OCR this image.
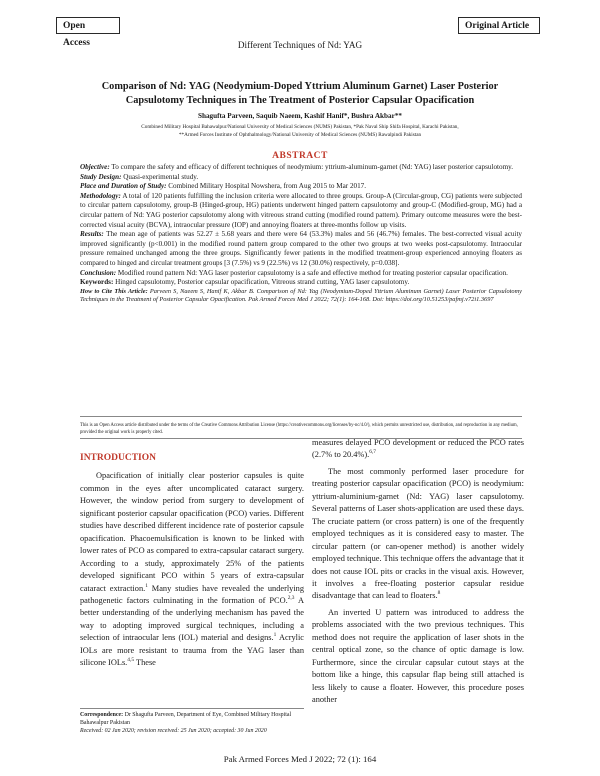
Open Access
Original Article
Different Techniques of Nd: YAG
Comparison of Nd: YAG (Neodymium-Doped Yttrium Aluminum Garnet) Laser Posterior
Capsulotomy Techniques in The Treatment of Posterior Capsular Opacification
Shagufta Parveen, Saquib Naeem, Kashif Hanif*, Bushra Akbar**
Combined Military Hospital Bahawalpur/National University of Medical Sciences (NUMS) Pakistan, *Pak Naval Ship Shifa Hospital, Karachi Pakistan,
**Armed Forces Institute of Ophthalmology/National University of Medical Sciences (NUMS) Rawalpindi Pakistan
ABSTRACT

Objective: To compare the safety and efficacy of different techniques of neodymium: yttrium-aluminum-garnet (Nd: YAG) laser posterior capsulotomy.

Study Design: Quasi-experimental study.

Place and Duration of Study: Combined Military Hospital Nowshera, from Aug 2015 to Mar 2017.

Methodology: A total of 120 patients fulfilling the inclusion criteria were allocated to three groups. Group-A (Circular-group, CG) patients were subjected to circular pattern capsulotomy, group-B (Hinged-group, HG) patients underwent hinged pattern capsulotomy and group-C (Modified-group, MG) had a circular pattern of Nd: YAG posterior capsulotomy along with vitreous strand cutting (modified round pattern). Primary outcome measures were the best-corrected visual acuity (BCVA), intraocular pressure (IOP) and annoying floaters at three-months follow up visits.

Results: The mean age of patients was 52.27 ± 5.68 years and there were 64 (53.3%) males and 56 (46.7%) females. The best-corrected visual acuity improved significantly (p<0.001) in the modified round pattern group compared to the other two groups at two weeks post-capsulotomy. Intraocular pressure remained unchanged among the three groups. Significantly fewer patients in the modified treatment-group experienced annoying floaters as compared to hinged and circular treatment groups [3 (7.5%) vs 9 (22.5%) vs 12 (30.0%) respectively, p=0.038].

Conclusion: Modified round pattern Nd: YAG laser posterior capsulotomy is a safe and effective method for treating posterior capsular opacification.

Keywords: Hinged capsulotomy, Posterior capsular opacification, Vitreous strand cutting, YAG laser capsulotomy.

How to Cite This Article: Parveen S, Naeem S, Hanif K, Akbar B. Comparison of Nd: Yag (Neodymium-Doped Yttrium Aluminum Garnet) Laser Posterior Capsulotomy Techniques in the Treatment of Posterior Capsular Opacification. Pak Armed Forces Med J 2022; 72(1): 164-168. Doi: https://doi.org/10.51253/pafmj.v72i1.3697

This is an Open Access article distributed under the terms of the Creative Commons Attribution License (https://creativecommons.org/licenses/by-nc/4.0/), which permits unrestricted use, distribution, and reproduction in any medium, provided the original work is properly cited.

INTRODUCTION

Opacification of initially clear posterior capsules is quite common in the eyes after uncomplicated cataract surgery. However, the window period from surgery to development of significant posterior capsular opacification (PCO) varies. Different studies have described different incidence rate of posterior capsule opacification. Phacoemulsification is known to be linked with lower rates of PCO as compared to extra-capsular cataract surgery. According to a study, approximately 25% of the patients developed significant PCO within 5 years of extra-capsular cataract extraction.$^1$ Many studies have revealed the underlying pathogenetic factors culminating in the formation of PCO.$^{2,3}$ A better understanding of the underlying mechanism has paved the way to adopting improved surgical techniques, including a selection of intraocular lens (IOL) material and designs.$^1$ Acrylic IOLs are more resistant to trauma from the YAG laser than silicone IOLs.$^{4,5}$ These

Correspondence: Dr Shagufta Parveen, Department of Eye, Combined Military Hospital Bahawalpur Pakistan
Received: 02 Jan 2020; revision received: 25 Jun 2020; accepted: 30 Jun 2020

measures delayed PCO development or reduced the PCO rates (2.7% to 20.4%).$^{6,7}$

The most commonly performed laser procedure for treating posterior capsular opacification (PCO) is neodymium: yttrium-aluminium-garnet (Nd: YAG) laser capsulotomy. Several patterns of Laser shots-application are used these days. The cruciate pattern (or cross pattern) is one of the frequently employed techniques as it is considered easy to master. The circular pattern (or can-opener method) is another widely employed technique. This technique offers the advantage that it does not cause IOL pits or cracks in the visual axis. However, it involves a free-floating posterior capsular residue disadvantage that can lead to floaters.$^8$

An inverted U pattern was introduced to address the problems associated with the two previous techniques. This method does not require the application of laser shots in the central optical zone, so the chance of optic damage is low. Furthermore, since the circular capsular cutout stays at the bottom like a hinge, this capsular flap being still attached is less likely to cause a floater. However, this procedure poses another

Pak Armed Forces Med J 2022; 72 (1): 164
